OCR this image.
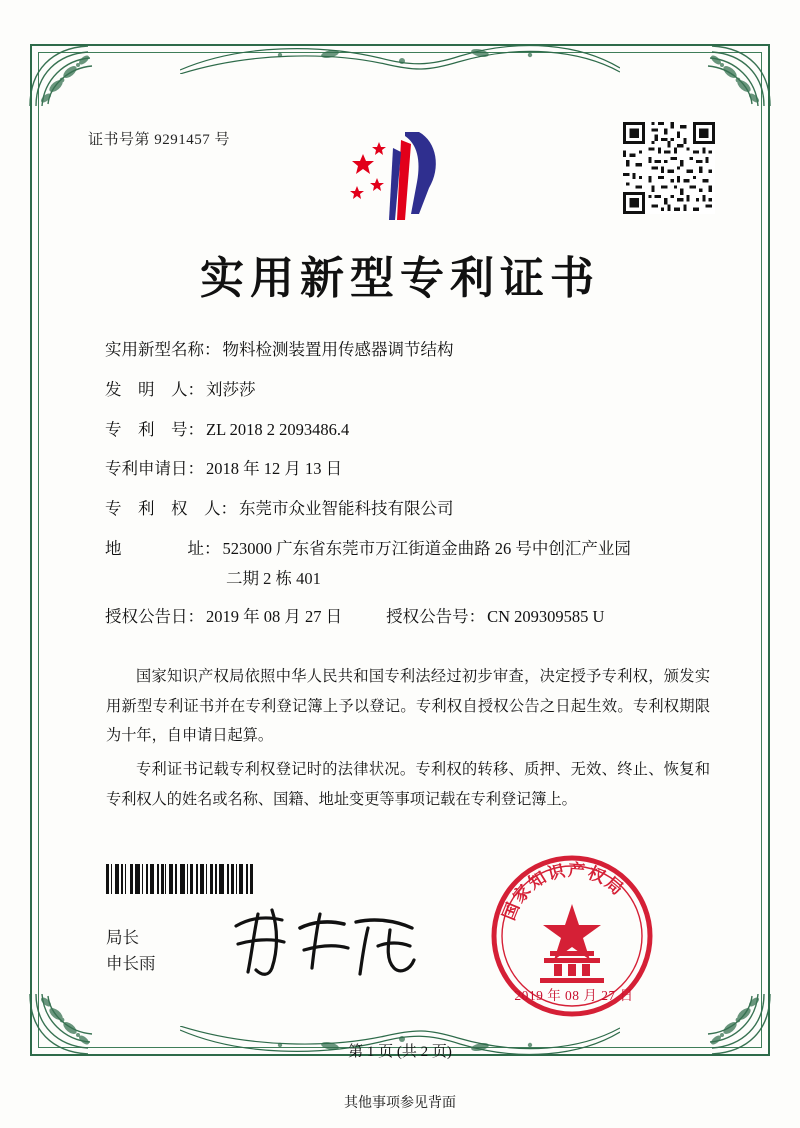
证书号第 9291457 号
实用新型专利证书
实用新型名称： 物料检测装置用传感器调节结构
发　明　人： 刘莎莎
专　利　号： ZL 2018 2 2093486.4
专利申请日： 2018 年 12 月 13 日
专　利　权　人： 东莞市众业智能科技有限公司
地　　　　址： 523000 广东省东莞市万江街道金曲路 26 号中创汇产业园
二期 2 栋 401
授权公告日： 2019 年 08 月 27 日	授权公告号： CN 209309585 U

国家知识产权局依照中华人民共和国专利法经过初步审查，决定授予专利权，颁发实用新型专利证书并在专利登记簿上予以登记。专利权自授权公告之日起生效。专利权期限为十年，自申请日起算。

专利证书记载专利权登记时的法律状况。专利权的转移、质押、无效、终止、恢复和专利权人的姓名或名称、国籍、地址变更等事项记载在专利登记簿上。

局长
申长雨
国
家
知
识 产 权
局
2019 年 08 月 27 日
第 1 页 (共 2 页)
其他事项参见背面
